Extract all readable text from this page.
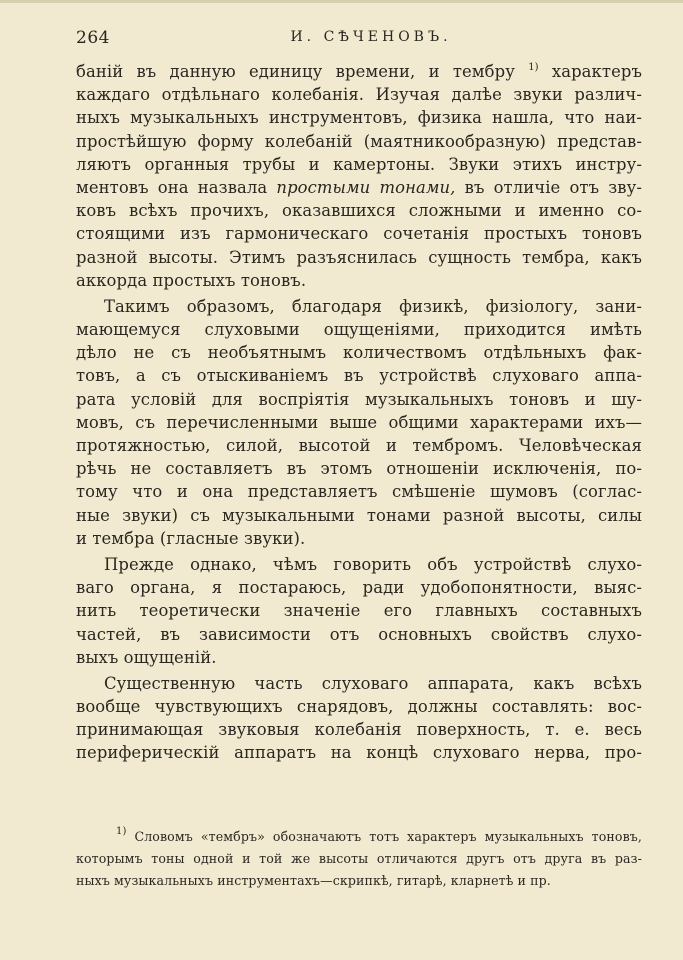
264	И. СѢЧЕНОВЪ.
баній въ данную единицу времени, и тембру $^{1)}$ характеръ
каждаго отдѣльнаго колебанія. Изучая далѣе звуки различ-
ныхъ музыкальныхъ инструментовъ, физика нашла, что наи-
простѣйшую форму колебаній (маятникообразную) представ-
ляютъ органныя трубы и камертоны. Звуки этихъ инстру-
ментовъ она назвала простыми тонами, въ отличіе отъ зву-
ковъ всѣхъ прочихъ, оказавшихся сложными и именно со-
стоящими изъ гармоническаго сочетанія простыхъ тоновъ
разной высоты. Этимъ разъяснилась сущность тембра, какъ
аккорда простыхъ тоновъ.
Такимъ образомъ, благодаря физикѣ, физіологу, зани-
мающемуся слуховыми ощущеніями, приходится имѣть
дѣло не съ необъятнымъ количествомъ отдѣльныхъ фак-
товъ, а съ отыскиваніемъ въ устройствѣ слуховаго аппа-
рата условій для воспріятія музыкальныхъ тоновъ и шу-
мовъ, съ перечисленными выше общими характерами ихъ—
протяжностью, силой, высотой и тембромъ. Человѣческая
рѣчь не составляетъ въ этомъ отношеніи исключенія, по-
тому что и она представляетъ смѣшеніе шумовъ (соглас-
ные звуки) съ музыкальными тонами разной высоты, силы
и тембра (гласные звуки).
Прежде однако, чѣмъ говорить объ устройствѣ слухо-
ваго органа, я постараюсь, ради удобопонятности, выяс-
нить теоретически значеніе его главныхъ составныхъ
частей, въ зависимости отъ основныхъ свойствъ слухо-
выхъ ощущеній.
Существенную часть слуховаго аппарата, какъ всѣхъ
вообще чувствующихъ снарядовъ, должны составлять: вос-
принимающая звуковыя колебанія поверхность, т. е. весь
периферическій аппаратъ на концѣ слуховаго нерва, про-
$^{1)}$ Словомъ «тембръ» обозначаютъ тотъ характеръ музыкальныхъ тоновъ,
которымъ тоны одной и той же высоты отличаются другъ отъ друга въ раз-
ныхъ музыкальныхъ инструментахъ—скрипкѣ, гитарѣ, кларнетѣ и пр.
